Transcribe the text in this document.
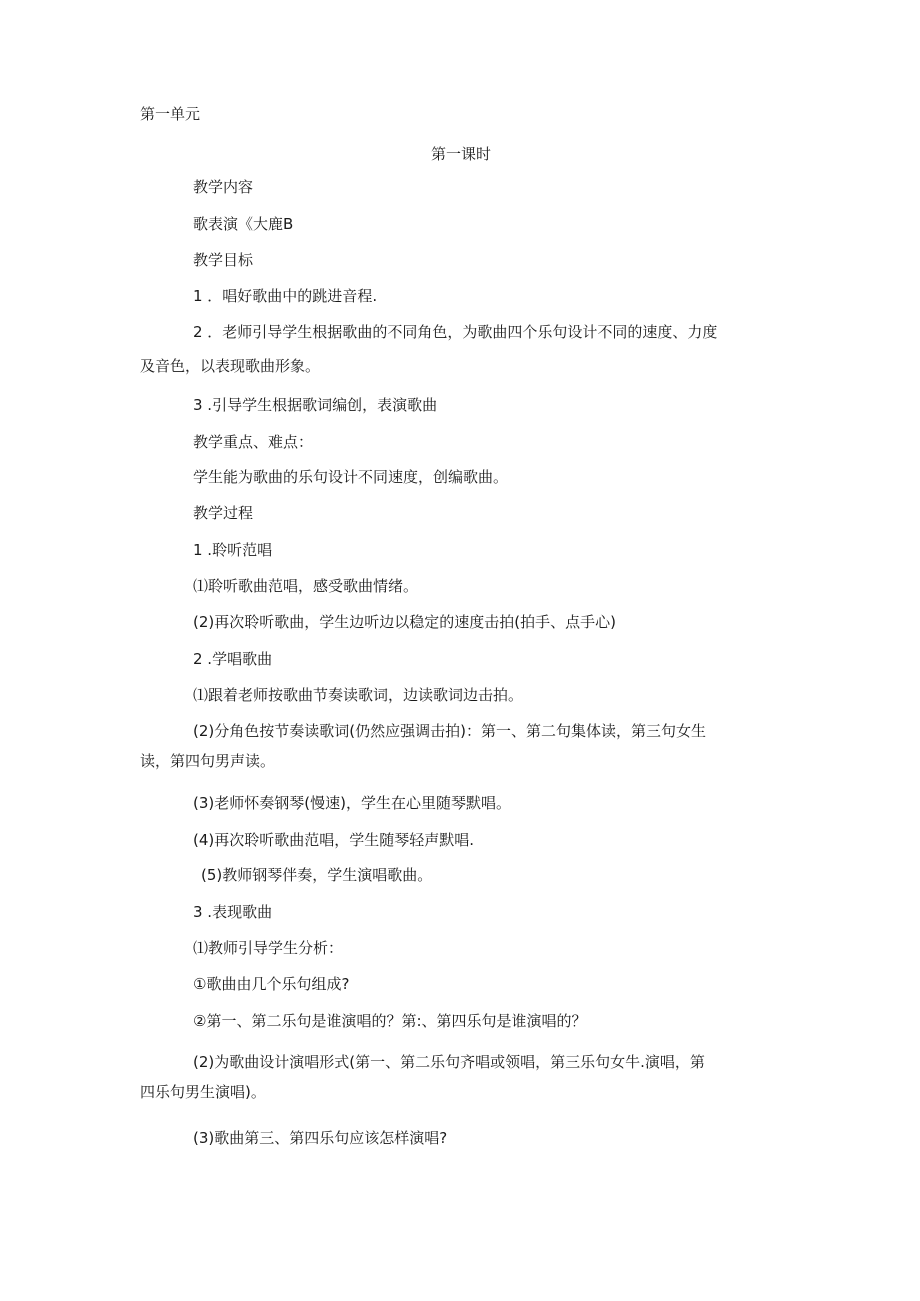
第一单元
第一课时
教学内容
歌表演《大鹿B
教学目标
1 ．唱好歌曲中的跳进音程.
2 ．老师引导学生根据歌曲的不同角色，为歌曲四个乐句设计不同的速度、力度
及音色，以表现歌曲形象。
3 .引导学生根据歌词编创，表演歌曲
教学重点、难点：
学生能为歌曲的乐句设计不同速度，创编歌曲。
教学过程
1 .聆听范唱
⑴聆听歌曲范唱，感受歌曲情绪。
(2)再次聆听歌曲，学生边听边以稳定的速度击拍(拍手、点手心)
2 .学唱歌曲
⑴跟着老师按歌曲节奏读歌词，边读歌词边击拍。
(2)分角色按节奏读歌词(仍然应强调击拍)：第一、第二句集体读，第三句女生
读，第四句男声读。
(3)老师怀奏钢琴(慢速)，学生在心里随琴默唱。
(4)再次聆听歌曲范唱，学生随琴轻声默唱.
(5)教师钢琴伴奏，学生演唱歌曲。
3 .表现歌曲
⑴教师引导学生分析：
①歌曲由几个乐句组成?
②第一、第二乐句是谁演唱的？第:、第四乐句是谁演唱的？
(2)为歌曲设计演唱形式(第一、第二乐句齐唱或领唱，第三乐句女牛.演唱，第
四乐句男生演唱)。
(3)歌曲第三、第四乐句应该怎样演唱?
